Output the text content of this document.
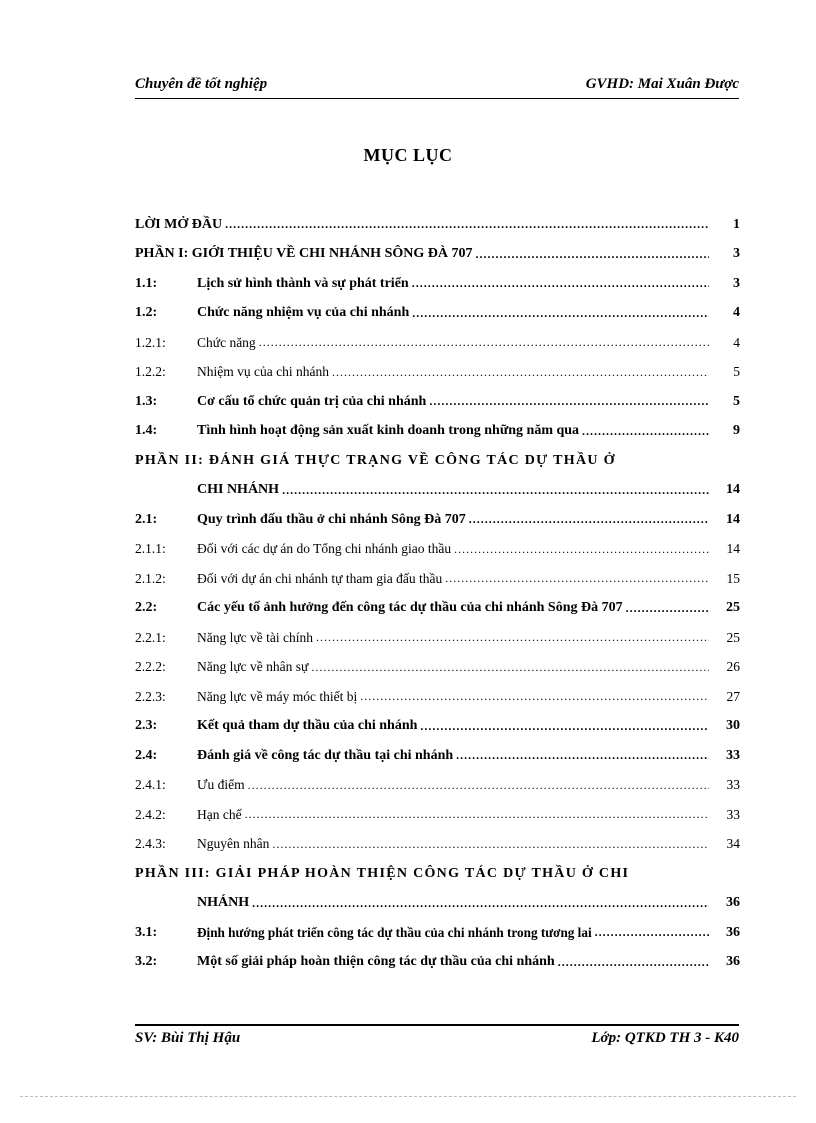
Chuyên đề tốt nghiệp	GVHD: Mai Xuân Được
MỤC LỤC
LỜI MỞ ĐẦU .....	1
PHẦN I: GIỚI THIỆU VỀ CHI NHÁNH SÔNG ĐÀ 707 .....	3
1.1:	Lịch sử hình thành và sự phát triển .....	3
1.2:	Chức năng nhiệm vụ của chi nhánh .....	4
1.2.1:	Chức năng .....	4
1.2.2:	Nhiệm vụ của chi nhánh .....	5
1.3:	Cơ cấu tổ chức quản trị của chi nhánh .....	5
1.4:	Tình hình hoạt động sản xuất kinh doanh trong những năm qua .....	9
PHẦN II: ĐÁNH GIÁ THỰC TRẠNG VỀ CÔNG TÁC DỰ THẦU Ở
CHI NHÁNH .....	14
2.1:	Quy trình đấu thầu ở chi nhánh Sông Đà 707 .....	14
2.1.1:	Đối với các dự án do Tổng chi nhánh giao thầu .....	14
2.1.2:	Đối với dự án chi nhánh tự tham gia đấu thầu .....	15
2.2:	Các yếu tố ảnh hưởng đến công tác dự thầu của chi nhánh Sông Đà 707 .....	25
2.2.1:	Năng lực về tài chính .....	25
2.2.2:	Năng lực về nhân sự .....	26
2.2.3:	Năng lực về máy móc thiết bị .....	27
2.3:	Kết quả tham dự thầu của chi nhánh .....	30
2.4:	Đánh giá về công tác dự thầu tại chi nhánh .....	33
2.4.1:	Ưu điểm .....	33
2.4.2:	Hạn chế .....	33
2.4.3:	Nguyên nhân .....	34
PHẦN III: GIẢI PHÁP HOÀN THIỆN CÔNG TÁC DỰ THẦU Ở CHI
NHÁNH .....	36
3.1:	Định hướng phát triển công tác dự thầu của chi nhánh trong tương lai .....	36
3.2:	Một số giải pháp hoàn thiện công tác dự thầu của chi nhánh .....	36
SV: Bùi Thị Hậu	Lớp: QTKD TH 3 - K40
